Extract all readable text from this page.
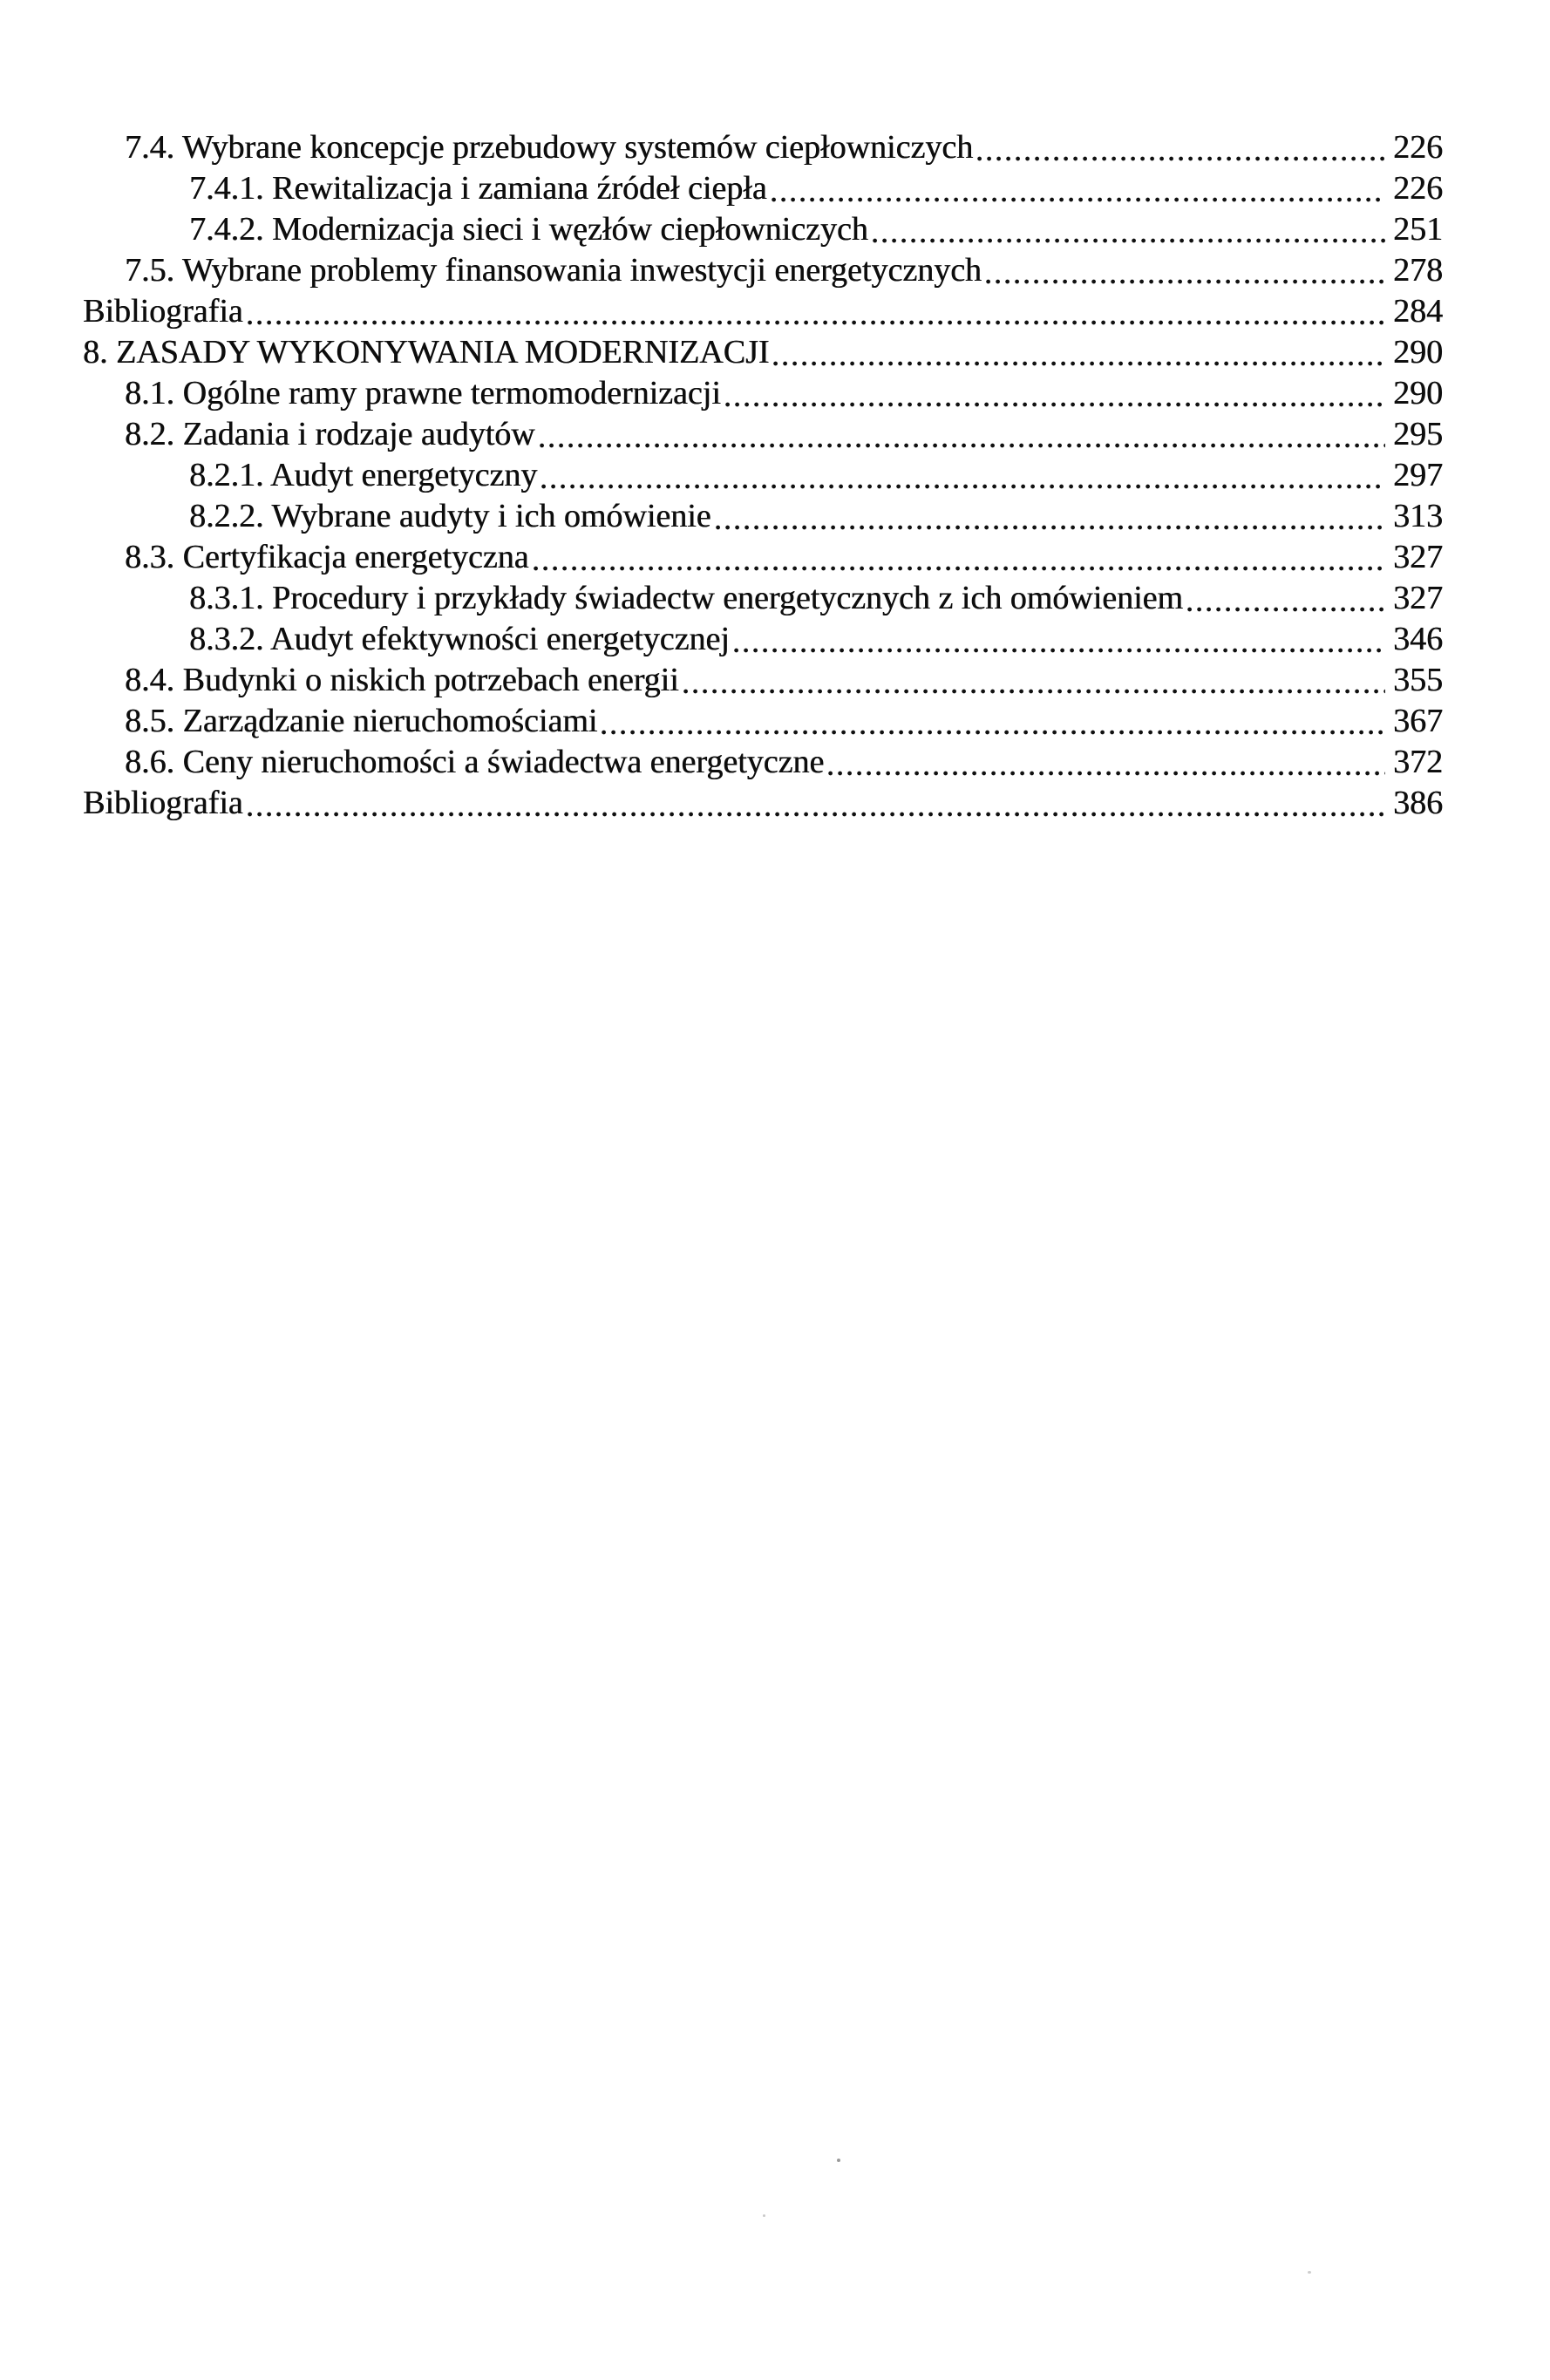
7.4. Wybrane koncepcje przebudowy systemów ciepłowniczych	226
7.4.1. Rewitalizacja i zamiana źródeł ciepła	226
7.4.2. Modernizacja sieci i węzłów ciepłowniczych	251
7.5. Wybrane problemy finansowania inwestycji energetycznych	278
Bibliografia	284
8. ZASADY WYKONYWANIA MODERNIZACJI	290
8.1. Ogólne ramy prawne termomodernizacji	290
8.2. Zadania i rodzaje audytów	295
8.2.1. Audyt energetyczny	297
8.2.2. Wybrane audyty i ich omówienie	313
8.3. Certyfikacja energetyczna	327
8.3.1. Procedury i przykłady świadectw energetycznych z ich omówieniem	327
8.3.2. Audyt efektywności energetycznej	346
8.4. Budynki o niskich potrzebach energii	355
8.5. Zarządzanie nieruchomościami	367
8.6. Ceny nieruchomości a świadectwa energetyczne	372
Bibliografia	386
